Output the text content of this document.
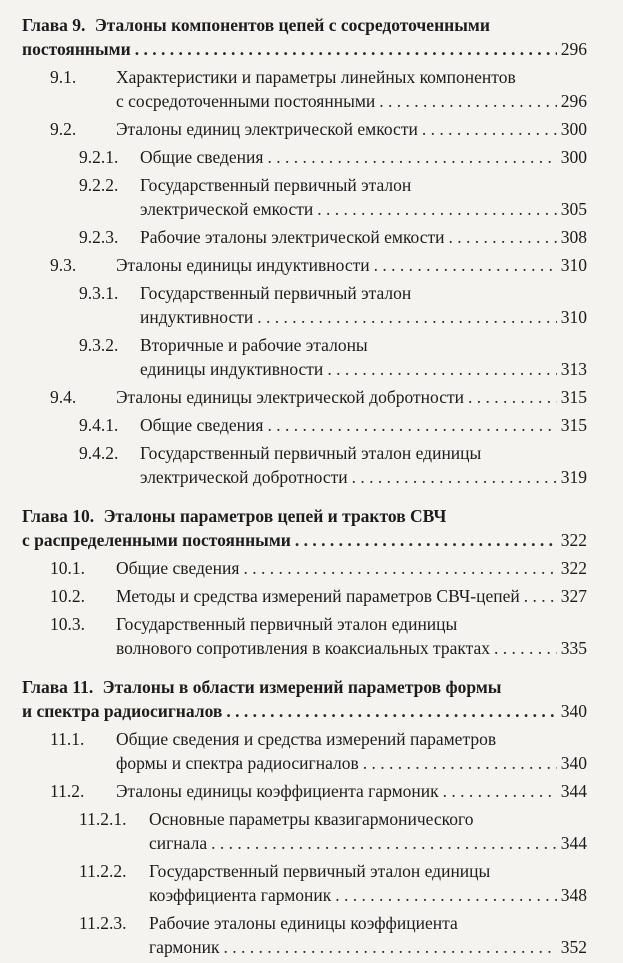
Глава 9. Эталоны компонентов цепей с сосредоточенными
постоянными . . .	296
9.1.	Характеристики и параметры линейных компонентов
с сосредоточенными постоянными . . .	296
9.2.	Эталоны единиц электрической емкости . . .	300
9.2.1.	Общие сведения . . .	300
9.2.2.	Государственный первичный эталон
электрической емкости . . .	305
9.2.3.	Рабочие эталоны электрической емкости . . .	308
9.3.	Эталоны единицы индуктивности . . .	310
9.3.1.	Государственный первичный эталон
индуктивности . . .	310
9.3.2.	Вторичные и рабочие эталоны
единицы индуктивности . . .	313
9.4.	Эталоны единицы электрической добротности . . .	315
9.4.1.	Общие сведения . . .	315
9.4.2.	Государственный первичный эталон единицы
электрической добротности . . .	319
Глава 10. Эталоны параметров цепей и трактов СВЧ
с распределенными постоянными . . .	322
10.1.	Общие сведения . . .	322
10.2.	Методы и средства измерений параметров СВЧ-цепей . . . 327
10.3.	Государственный первичный эталон единицы
волнового сопротивления в коаксиальных трактах . . .	335
Глава 11. Эталоны в области измерений параметров формы
и спектра радиосигналов . . .	340
11.1.	Общие сведения и средства измерений параметров
формы и спектра радиосигналов . . .	340
11.2.	Эталоны единицы коэффициента гармоник . . .	344
11.2.1.	Основные параметры квазигармонического
сигнала . . .	344
11.2.2.	Государственный первичный эталон единицы
коэффициента гармоник . . .	348
11.2.3.	Рабочие эталоны единицы коэффициента
гармоник . . .	352
